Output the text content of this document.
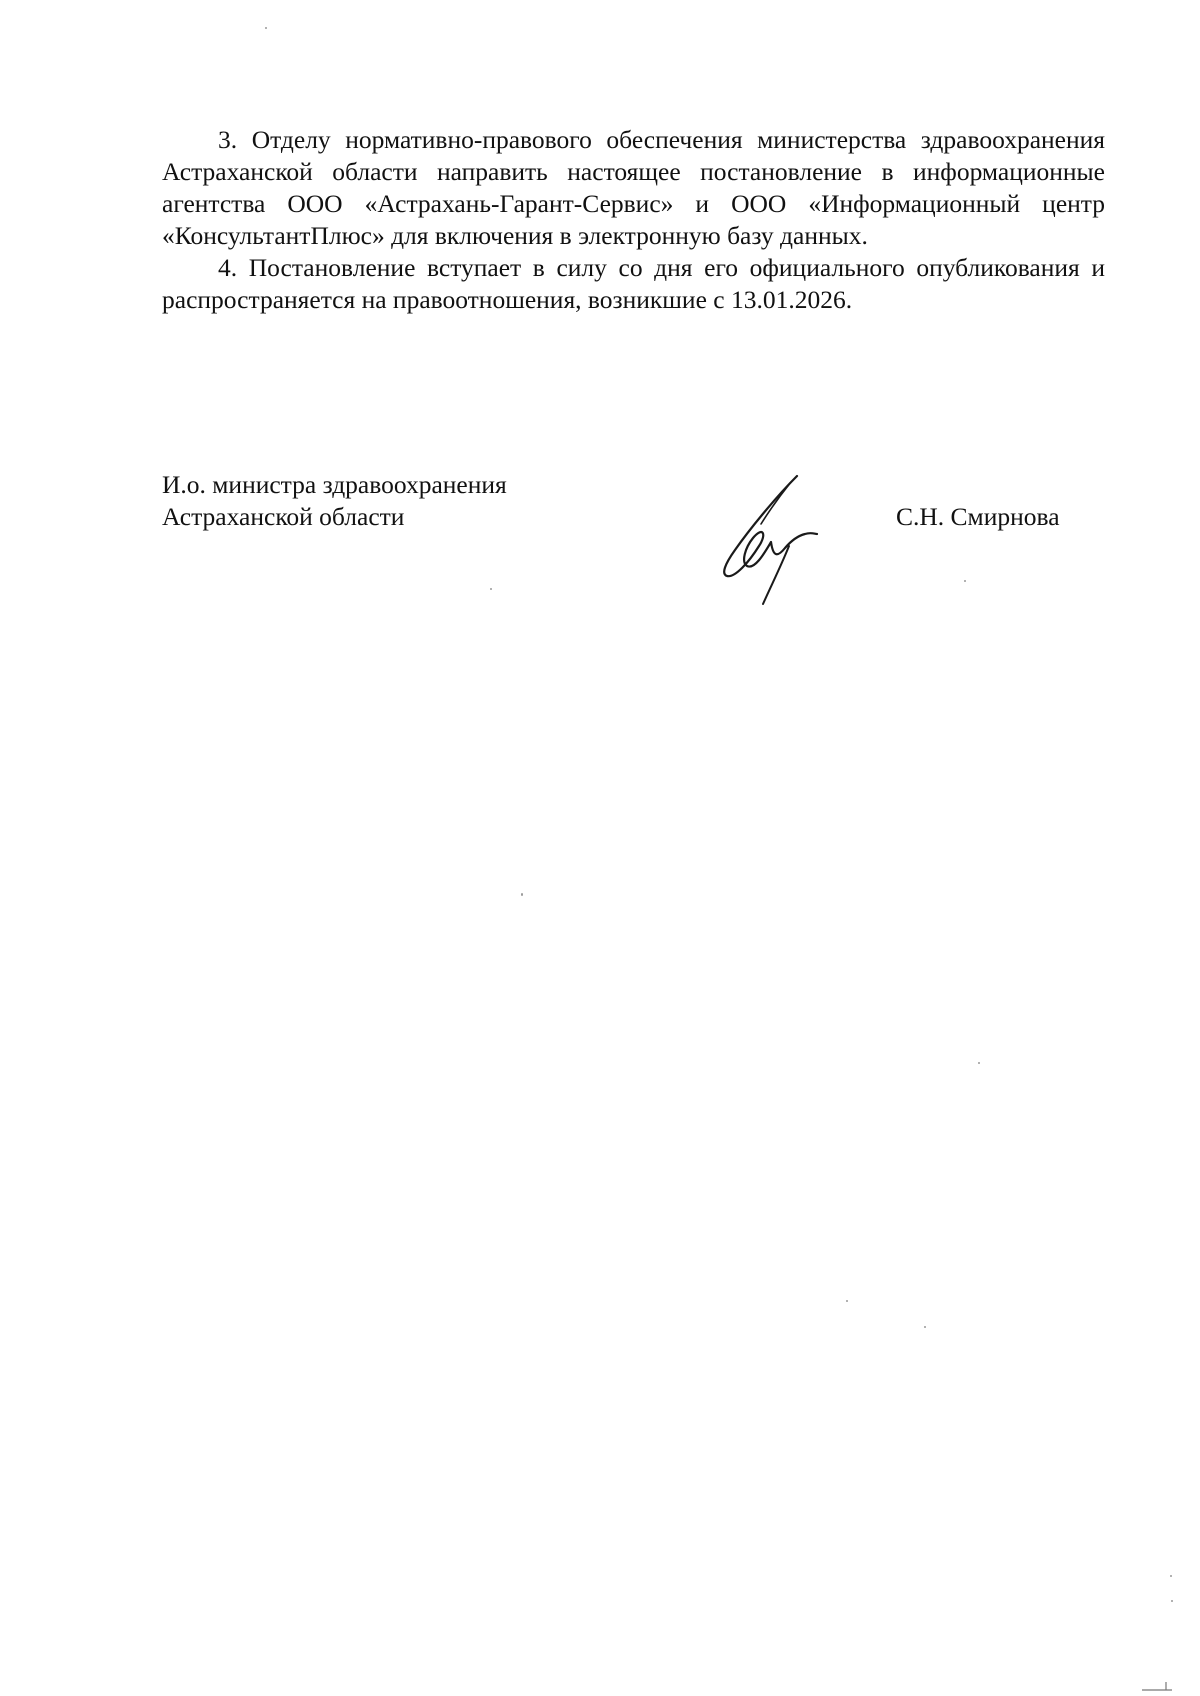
3. Отделу нормативно-правового обеспечения министерства здравоохранения Астраханской области направить настоящее постановление в информационные агентства ООО «Астрахань-Гарант-Сервис» и ООО «Информационный центр «КонсультантПлюс» для включения в электронную базу данных.

4. Постановление вступает в силу со дня его официального опубликования и распространяется на правоотношения, возникшие с 13.01.2026.

И.о. министра здравоохранения
Астраханской области	С.Н. Смирнова
